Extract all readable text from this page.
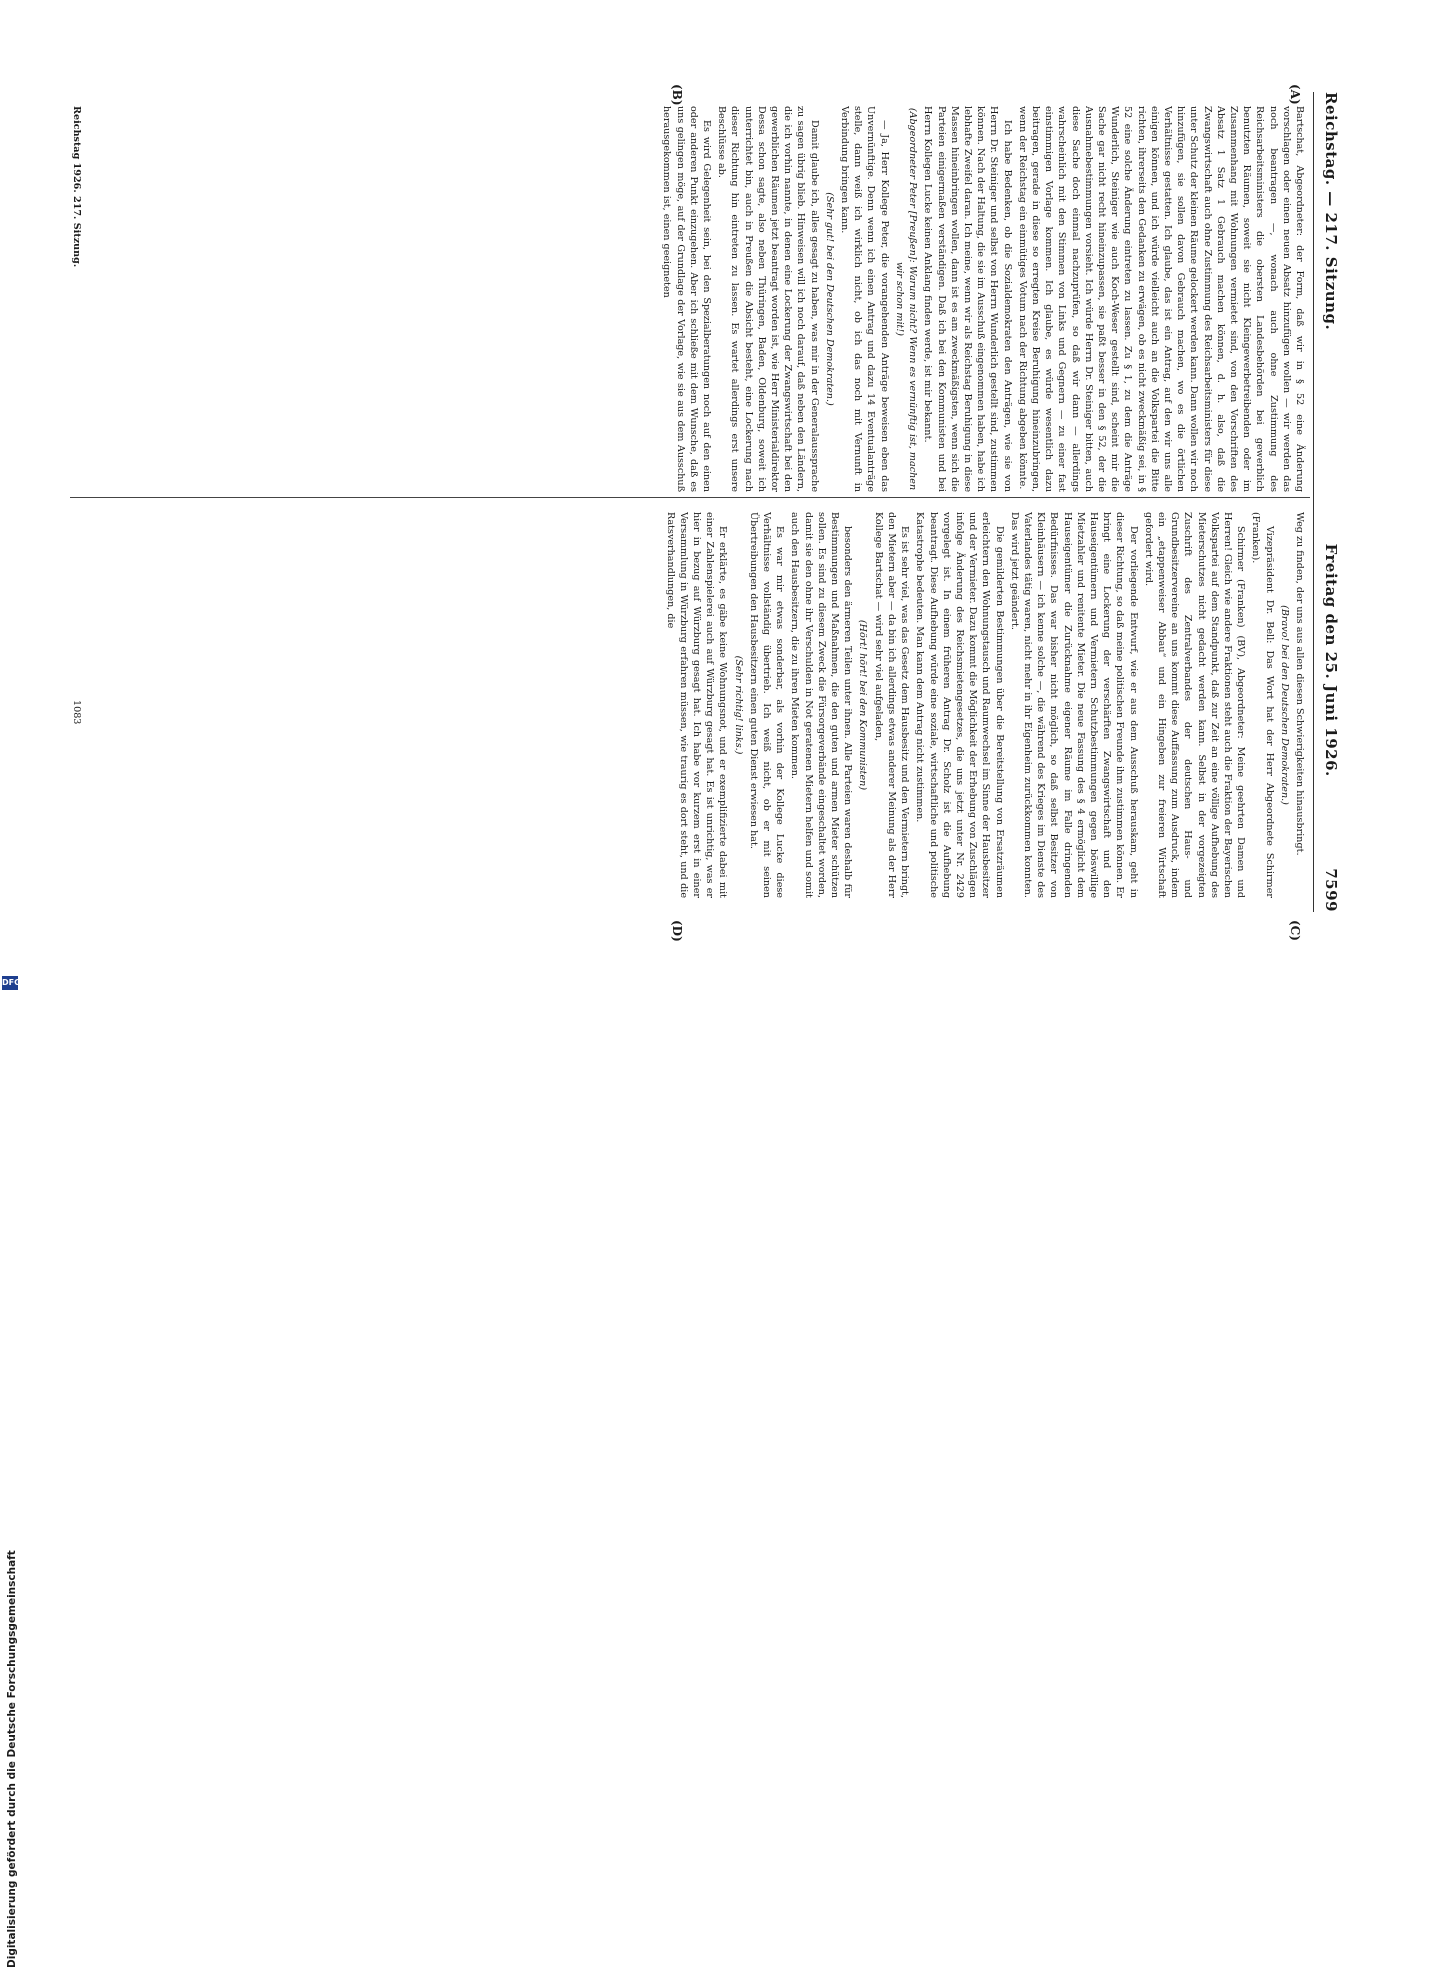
Reichstag. — 217. Sitzung.
Freitag den 25. Juni 1926.  7599
(A)
(B)
(C)
(D)

Bartschat, Abgeordneter: der Form, daß wir in § 52 eine Änderung vorschlagen oder einen neuen Absatz hinzufügen wollen — wir werden das noch beantragen —, wonach auch ohne Zustimmung des Reichsarbeitsministers die obersten Landesbehörden bei gewerblich benutzten Räumen, soweit sie nicht Kleingewerbetreibenden oder im Zusammenhang mit Wohnungen vermietet sind, von den Vorschriften des Absatz 1 Satz 1 Gebrauch machen können, d. h. also, daß die Zwangswirtschaft auch ohne Zustimmung des Reichsarbeitsministers für diese unter Schutz der kleinen Räume gelockert werden kann. Dann wollen wir noch hinzufügen, sie sollen davon Gebrauch machen, wo es die örtlichen Verhältnisse gestatten. Ich glaube, das ist ein Antrag, auf den wir uns alle einigen können, und ich würde vielleicht auch an die Volkspartei die Bitte richten, ihrerseits den Gedanken zu erwägen, ob es nicht zweckmäßig sei, in § 52 eine solche Änderung eintreten zu lassen. Zu § 1, zu dem die Anträge Wunderlich, Steiniger wie auch Koch-Weser gestellt sind, scheint mir die Sache gar nicht recht hineinzupassen, sie paßt besser in den § 52, der die Ausnahmebestimmungen vorsieht. Ich würde Herrn Dr. Steiniger bitten, auch diese Sache doch einmal nachzuprüfen, so daß wir dann — allerdings wahrscheinlich mit den Stimmen von Links und Gegnern — zu einer fast einstimmigen Vorlage kommen. Ich glaube, es würde wesentlich dazu beitragen, gerade in diese so erregten Kreise Beruhigung hineinzubringen, wenn der Reichstag ein einmütiges Votum nach der Richtung abgeben könnte.

Ich habe Bedenken, ob die Sozialdemokraten den Anträgen, wie sie von Herrn Dr. Steiniger und selbst von Herrn Wunderlich gestellt sind, zustimmen können. Nach der Haltung, die sie im Ausschuß eingenommen haben, habe ich lebhafte Zweifel daran. Ich meine, wenn wir als Reichstag Beruhigung in diese Massen hineinbringen wollen, dann ist es am zweckmäßigsten, wenn sich die Parteien einigermaßen verständigen. Daß ich bei den Kommunisten und bei Herrn Kollegen Lucke keinen Anklang finden werde, ist mir bekannt.

(Abgeordneter Peter [Preußen]: Warum nicht? Wenn es vernünftig ist, machen wir schon mit!)

— Ja, Herr Kollege Peter, die vorangehenden Anträge beweisen eben das Unvernünftige. Denn wenn ich einen Antrag und dazu 14 Eventualanträge stelle, dann weiß ich wirklich nicht, ob ich das noch mit Vernunft in Verbindung bringen kann.

(Sehr gut! bei den Deutschen Demokraten.)

Damit glaube ich, alles gesagt zu haben, was mir in der Generalaussprache zu sagen übrig blieb. Hinweisen will ich noch darauf, daß neben den Ländern, die ich vorhin nannte, in denen eine Lockerung der Zwangswirtschaft bei den gewerblichen Räumen jetzt beantragt worden ist, wie Herr Ministerialdirektor Dessa schon sagte, also neben Thüringen, Baden, Oldenburg, soweit ich unterrichtet bin, auch in Preußen die Absicht besteht, eine Lockerung nach dieser Richtung hin eintreten zu lassen. Es wartet allerdings erst unsere Beschlüsse ab.

Es wird Gelegenheit sein, bei den Spezialberatungen noch auf den einen oder anderen Punkt einzugehen. Aber ich schließe mit dem Wunsche, daß es uns gelingen möge, auf der Grundlage der Vorlage, wie sie aus dem Ausschuß herausgekommen ist, einen geeigneten

Weg zu finden, der uns aus allen diesen Schwierigkeiten hinausbringt.

(Bravo! bei den Deutschen Demokraten.)

Vizepräsident Dr. Bell: Das Wort hat der Herr Abgeordnete Schirmer (Franken).

Schirmer (Franken) (BV), Abgeordneter: Meine geehrten Damen und Herren! Gleich wie andere Fraktionen steht auch die Fraktion der Bayerischen Volkspartei auf dem Standpunkt, daß zur Zeit an eine völlige Aufhebung des Mieterschutzes nicht gedacht werden kann. Selbst in der vorgezeigten Zuschrift des Zentralverbandes der deutschen Haus- und Grundbesitzervereine an uns kommt diese Auffassung zum Ausdruck, indem ein „etappenweiser Abbau“ und ein Hingeben zur freieren Wirtschaft gefordert wird.

Der vorliegende Entwurf, wie er aus dem Ausschuß herauskam, geht in dieser Richtung, so daß meine politischen Freunde ihm zustimmen können. Er bringt eine Lockerung der verschärften Zwangswirtschaft und den Hauseigentümern und Vermietern Schutzbestimmungen gegen böswillige Mietzahler und renitente Mieter. Die neue Fassung des § 4 ermöglicht dem Hauseigentümer die Zurücknahme eigener Räume im Falle dringenden Bedürfnisses. Das war bisher nicht möglich, so daß selbst Besitzer von Kleinhäusern — ich kenne solche —, die während des Krieges im Dienste des Vaterlandes tätig waren, nicht mehr in ihr Eigenheim zurückkommen konnten. Das wird jetzt geändert.

Die gemilderten Bestimmungen über die Bereitstellung von Ersatzräumen erleichtern den Wohnungstausch und Raumwechsel im Sinne der Hausbesitzer und der Vermieter. Dazu kommt die Möglichkeit der Erhebung von Zuschlägen infolge Änderung des Reichsmietengesetzes, die uns jetzt unter Nr. 2429 vorgelegt ist. In einem früheren Antrag Dr. Scholz ist die Aufhebung beantragt. Diese Aufhebung würde eine soziale, wirtschaftliche und politische Katastrophe bedeuten. Man kann dem Antrag nicht zustimmen.

Es ist sehr viel, was das Gesetz dem Hausbesitz und den Vermietern bringt, den Mietern aber — da bin ich allerdings etwas anderer Meinung als der Herr Kollege Bartschat — wird sehr viel aufgeladen,

(Hört! hört! bei den Kommunisten)

besonders den ärmeren Teilen unter ihnen. Alle Parteien waren deshalb für Bestimmungen und Maßnahmen, die den guten und armen Mieter schützen sollen. Es sind zu diesem Zweck die Fürsorgeverbände eingeschaltet worden, damit sie den ohne ihr Verschulden in Not geratenen Mietern helfen und somit auch den Hausbesitzern, die zu ihren Mieten kommen.

Es war mir etwas sonderbar, als vorhin der Kollege Lucke diese Verhältnisse vollständig übertrieb. Ich weiß nicht, ob er mit seinen Übertreibungen den Hausbesitzern einen guten Dienst erwiesen hat.

(Sehr richtig! links.)

Er erklärte, es gäbe keine Wohnungsnot, und er exemplifizierte dabei mit einer Zahlenspielerei auch auf Würzburg gesagt hat. Es ist unrichtig, was er hier in bezug auf Würzburg gesagt hat. Ich habe vor kurzem erst in einer Versammlung in Würzburg erfahren müssen, wie traurig es dort steht, und die Ratsverhandlungen, die

Reichstag 1926. 217. Sitzung.
1083
Digitalisierung gefördert durch die Deutsche Forschungsgemeinschaft
DFG
